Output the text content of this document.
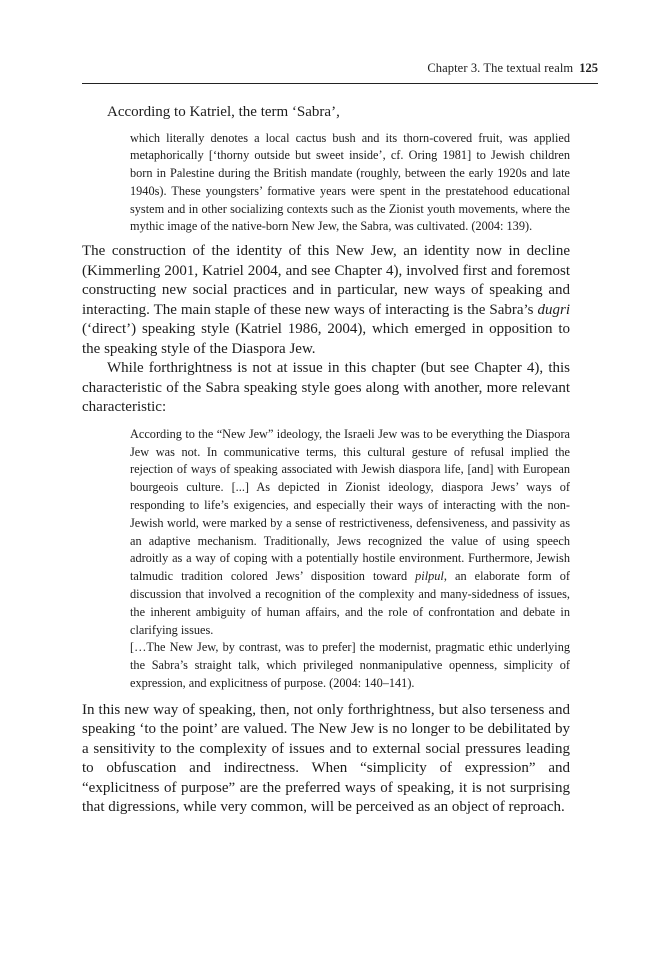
Chapter 3. The textual realm 125

According to Katriel, the term ‘Sabra’,

which literally denotes a local cactus bush and its thorn-covered fruit, was applied metaphorically [‘thorny outside but sweet inside’, cf. Oring 1981] to Jewish children born in Palestine during the British mandate (roughly, between the early 1920s and late 1940s). These youngsters’ formative years were spent in the prestatehood educational system and in other socializing contexts such as the Zionist youth movements, where the mythic image of the native-born New Jew, the Sabra, was cultivated. (2004: 139).

The construction of the identity of this New Jew, an identity now in decline (Kimmerling 2001, Katriel 2004, and see Chapter 4), involved first and foremost constructing new social practices and in particular, new ways of speaking and interacting. The main staple of these new ways of interacting is the Sabra’s dugri (‘direct’) speaking style (Katriel 1986, 2004), which emerged in opposition to the speaking style of the Diaspora Jew.

While forthrightness is not at issue in this chapter (but see Chapter 4), this characteristic of the Sabra speaking style goes along with another, more relevant characteristic:

According to the “New Jew” ideology, the Israeli Jew was to be everything the Diaspora Jew was not. In communicative terms, this cultural gesture of refusal implied the rejection of ways of speaking associated with Jewish diaspora life, [and] with European bourgeois culture. [...] As depicted in Zionist ideology, diaspora Jews’ ways of responding to life’s exigencies, and especially their ways of interacting with the non-Jewish world, were marked by a sense of restrictiveness, defensiveness, and passivity as an adaptive mechanism. Traditionally, Jews recognized the value of using speech adroitly as a way of coping with a potentially hostile environment. Furthermore, Jewish talmudic tradition colored Jews’ disposition toward pilpul, an elaborate form of discussion that involved a recognition of the complexity and many-sidedness of issues, the inherent ambiguity of human affairs, and the role of confrontation and debate in clarifying issues.

[…The New Jew, by contrast, was to prefer] the modernist, pragmatic ethic underlying the Sabra’s straight talk, which privileged nonmanipulative openness, simplicity of expression, and explicitness of purpose. (2004: 140–141).

In this new way of speaking, then, not only forthrightness, but also terseness and speaking ‘to the point’ are valued. The New Jew is no longer to be debilitated by a sensitivity to the complexity of issues and to external social pressures leading to obfuscation and indirectness. When “simplicity of expression” and “explicitness of purpose” are the preferred ways of speaking, it is not surprising that digressions, while very common, will be perceived as an object of reproach.
